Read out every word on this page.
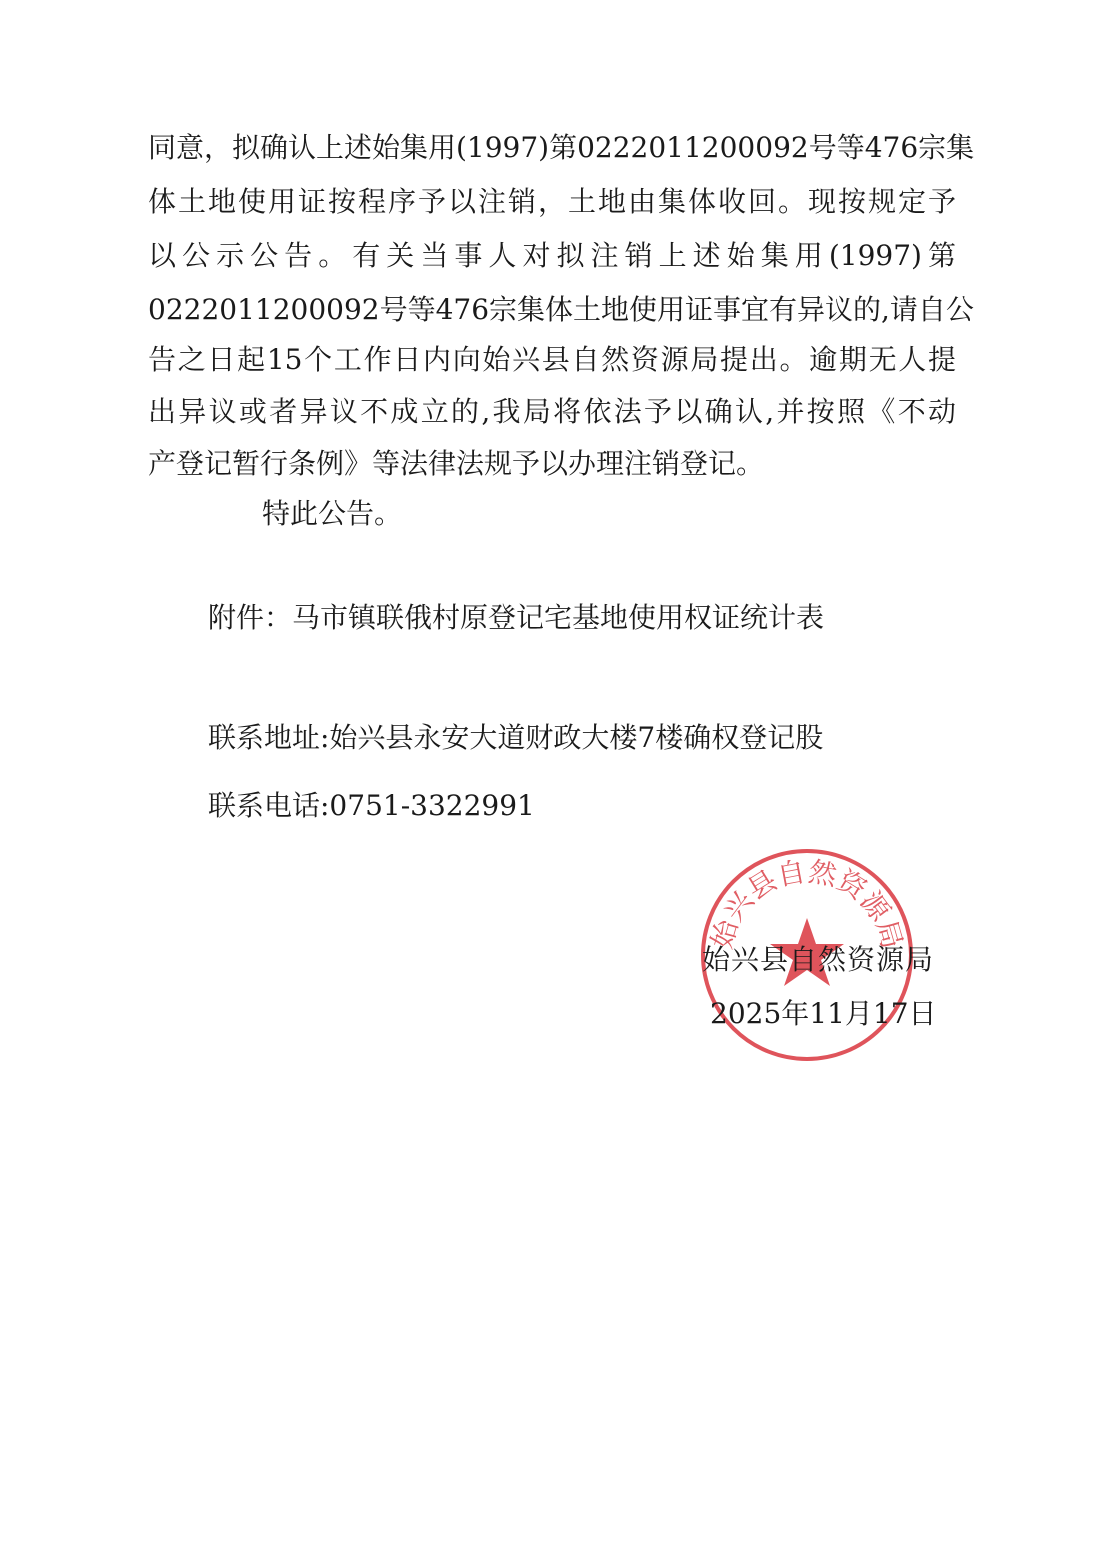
同意，拟确认上述始集用(1997)第0222011200092号等476宗集
体土地使用证按程序予以注销，土地由集体收回。现按规定予
以公示公告。有关当事人对拟注销上述始集用(1997)第
0222011200092号等476宗集体土地使用证事宜有异议的,请自公
告之日起15个工作日内向始兴县自然资源局提出。逾期无人提
出异议或者异议不成立的,我局将依法予以确认,并按照《不动
产登记暂行条例》等法律法规予以办理注销登记。
特此公告。
附件：马市镇联俄村原登记宅基地使用权证统计表
联系地址:始兴县永安大道财政大楼7楼确权登记股
联系电话:0751-3322991
始兴县自然资源局
始兴县自然资源局
2025年11月17日
